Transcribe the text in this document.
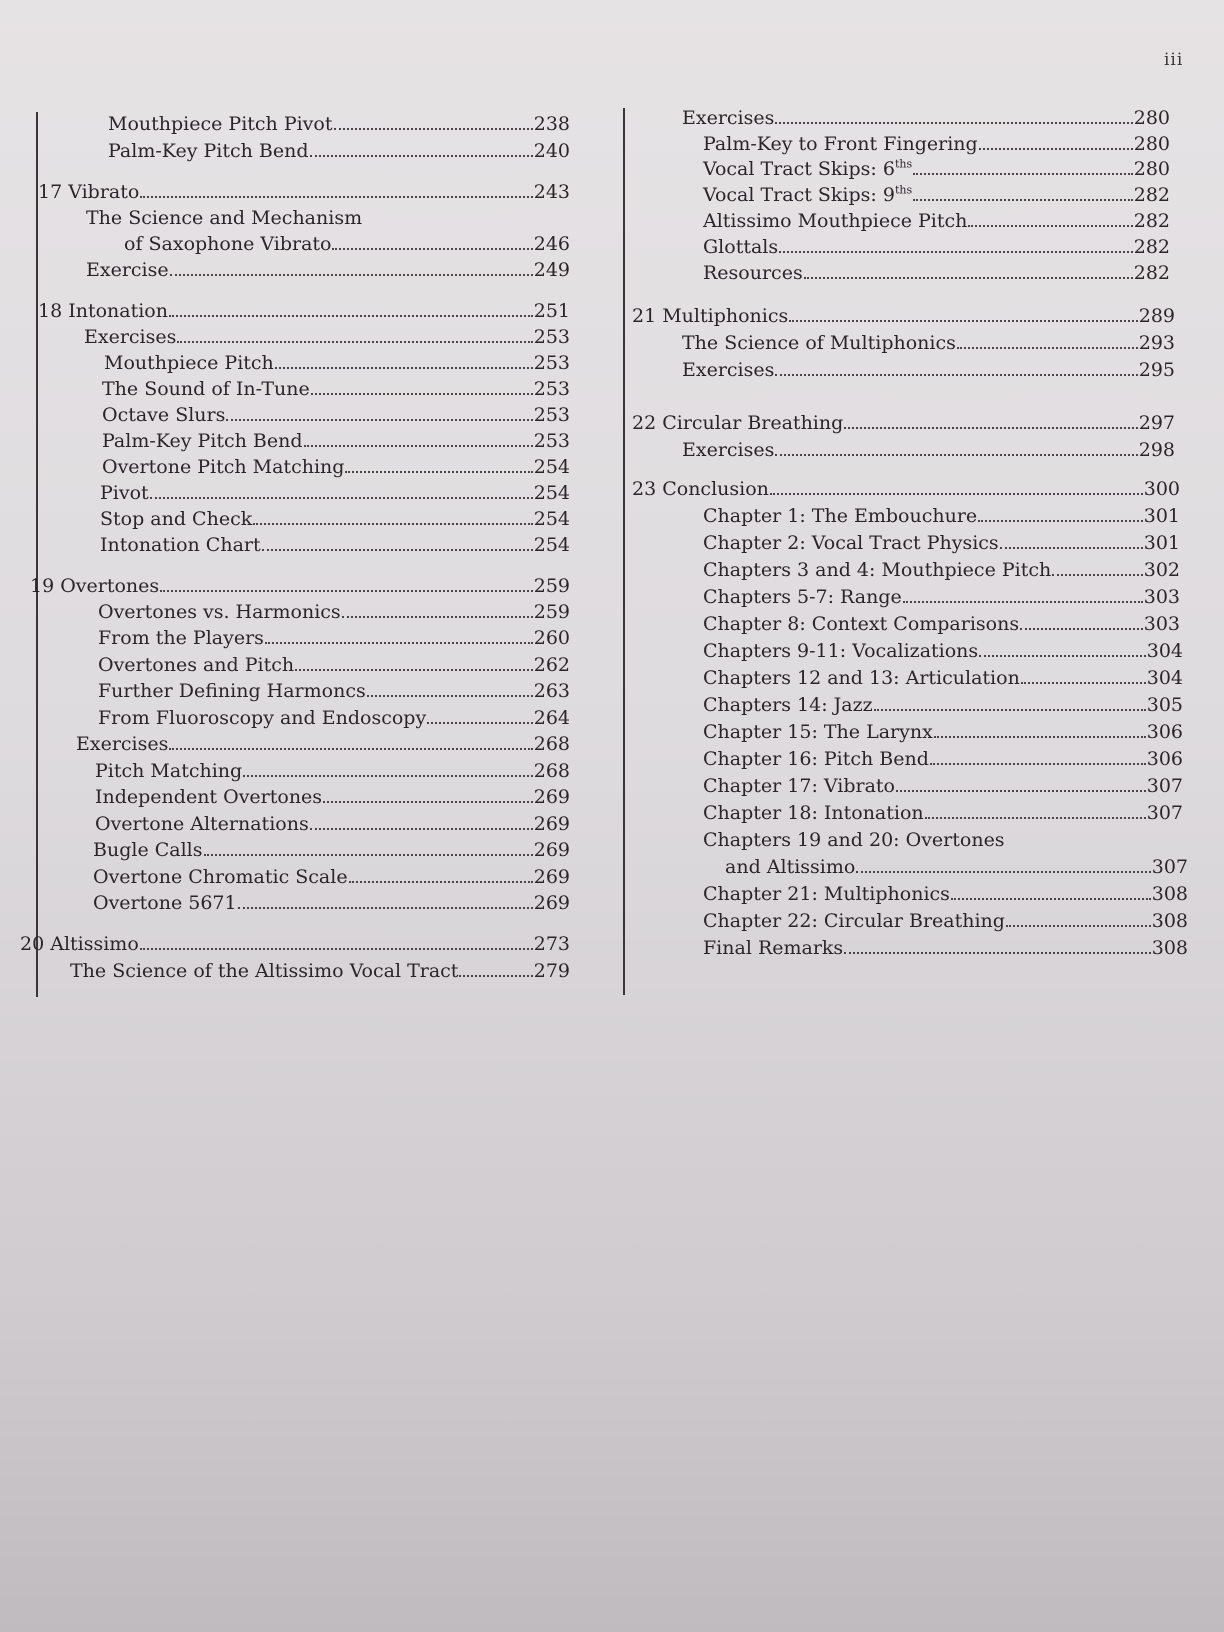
iii
Mouthpiece Pitch Pivot	238
Palm-Key Pitch Bend	240
17 Vibrato	243
The Science and Mechanism
of Saxophone Vibrato	246
Exercise	249
18 Intonation	251
Exercises	253
Mouthpiece Pitch	253
The Sound of In-Tune	253
Octave Slurs	253
Palm-Key Pitch Bend	253
Overtone Pitch Matching	254
Pivot	254
Stop and Check	254
Intonation Chart	254
19 Overtones	259
Overtones vs. Harmonics	259
From the Players	260
Overtones and Pitch	262
Further Defining Harmoncs	263
From Fluoroscopy and Endoscopy	264
Exercises	268
Pitch Matching	268
Independent Overtones	269
Overtone Alternations	269
Bugle Calls	269
Overtone Chromatic Scale	269
Overtone 5671	269
20 Altissimo	273
The Science of the Altissimo Vocal Tract	279
Exercises	280
Palm-Key to Front Fingering	280
Vocal Tract Skips: $6^{ths}$	280
Vocal Tract Skips: $9^{ths}$	282
Altissimo Mouthpiece Pitch	282
Glottals	282
Resources	282
21 Multiphonics	289
The Science of Multiphonics	293
Exercises	295
22 Circular Breathing	297
Exercises	298
23 Conclusion	300
Chapter 1: The Embouchure	301
Chapter 2: Vocal Tract Physics	301
Chapters 3 and 4: Mouthpiece Pitch	302
Chapters 5-7: Range	303
Chapter 8: Context Comparisons	303
Chapters 9-11: Vocalizations	304
Chapters 12 and 13: Articulation	304
Chapters 14: Jazz	305
Chapter 15: The Larynx	306
Chapter 16: Pitch Bend	306
Chapter 17: Vibrato	307
Chapter 18: Intonation	307
Chapters 19 and 20: Overtones
and Altissimo	307
Chapter 21: Multiphonics	308
Chapter 22: Circular Breathing	308
Final Remarks	308
